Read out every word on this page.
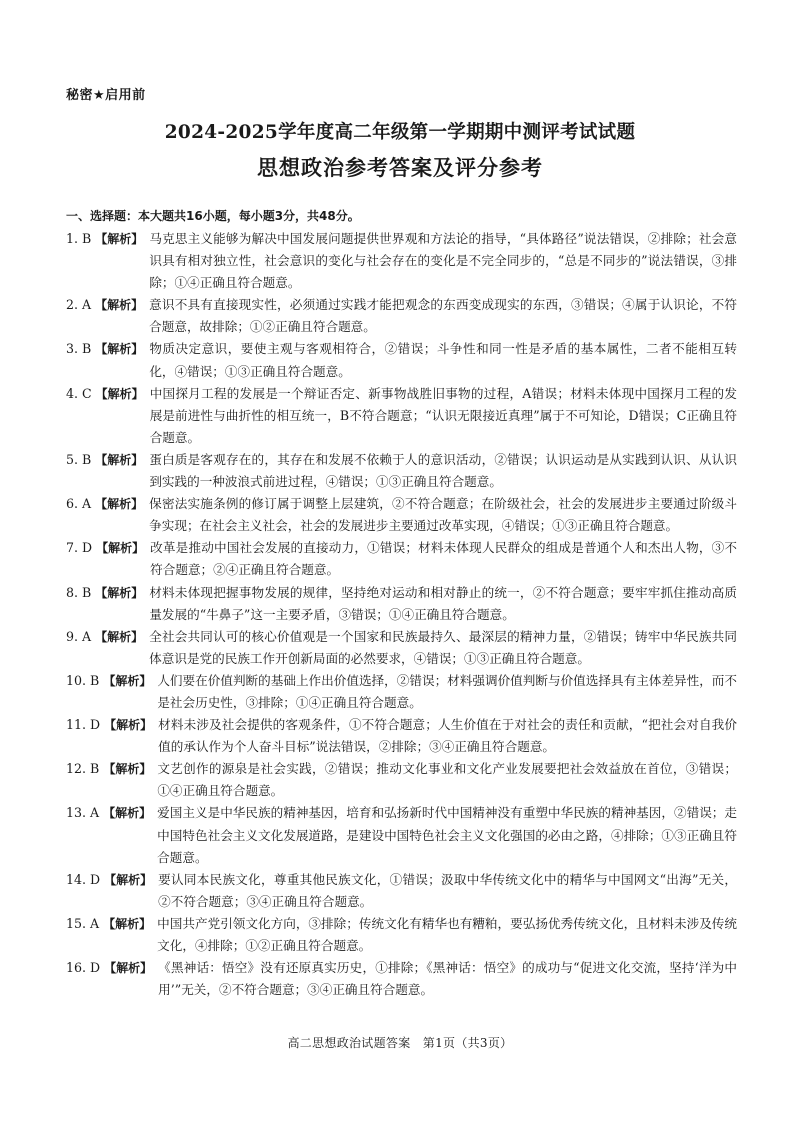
秘密★启用前
2024-2025学年度高二年级第一学期期中测评考试试题
思想政治参考答案及评分参考
一、选择题：本大题共16小题，每小题3分，共48分。
1. B 【解析】 马克思主义能够为解决中国发展问题提供世界观和方法论的指导，“具体路径”说法错误，②排除；社会意识具有相对独立性，社会意识的变化与社会存在的变化是不完全同步的，“总是不同步的”说法错误，③排除；①④正确且符合题意。
2. A 【解析】 意识不具有直接现实性，必须通过实践才能把观念的东西变成现实的东西，③错误；④属于认识论，不符合题意，故排除；①②正确且符合题意。
3. B 【解析】 物质决定意识，要使主观与客观相符合，②错误；斗争性和同一性是矛盾的基本属性，二者不能相互转化，④错误；①③正确且符合题意。
4. C 【解析】 中国探月工程的发展是一个辩证否定、新事物战胜旧事物的过程，A错误；材料未体现中国探月工程的发展是前进性与曲折性的相互统一，B不符合题意；“认识无限接近真理”属于不可知论，D错误；C正确且符合题意。
5. B 【解析】 蛋白质是客观存在的，其存在和发展不依赖于人的意识活动，②错误；认识运动是从实践到认识、从认识到实践的一种波浪式前进过程，④错误；①③正确且符合题意。
6. A 【解析】 保密法实施条例的修订属于调整上层建筑，②不符合题意；在阶级社会，社会的发展进步主要通过阶级斗争实现；在社会主义社会，社会的发展进步主要通过改革实现，④错误；①③正确且符合题意。
7. D 【解析】 改革是推动中国社会发展的直接动力，①错误；材料未体现人民群众的组成是普通个人和杰出人物，③不符合题意；②④正确且符合题意。
8. B 【解析】 材料未体现把握事物发展的规律，坚持绝对运动和相对静止的统一，②不符合题意；要牢牢抓住推动高质量发展的“牛鼻子”这一主要矛盾，③错误；①④正确且符合题意。
9. A 【解析】 全社会共同认可的核心价值观是一个国家和民族最持久、最深层的精神力量，②错误；铸牢中华民族共同体意识是党的民族工作开创新局面的必然要求，④错误；①③正确且符合题意。
10. B 【解析】 人们要在价值判断的基础上作出价值选择，②错误；材料强调价值判断与价值选择具有主体差异性，而不是社会历史性，③排除；①④正确且符合题意。
11. D 【解析】 材料未涉及社会提供的客观条件，①不符合题意；人生价值在于对社会的责任和贡献，“把社会对自我价值的承认作为个人奋斗目标”说法错误，②排除；③④正确且符合题意。
12. B 【解析】 文艺创作的源泉是社会实践，②错误；推动文化事业和文化产业发展要把社会效益放在首位，③错误；①④正确且符合题意。
13. A 【解析】 爱国主义是中华民族的精神基因，培育和弘扬新时代中国精神没有重塑中华民族的精神基因，②错误；走中国特色社会主义文化发展道路，是建设中国特色社会主义文化强国的必由之路，④排除；①③正确且符合题意。
14. D 【解析】 要认同本民族文化，尊重其他民族文化，①错误；汲取中华传统文化中的精华与中国网文“出海”无关，②不符合题意；③④正确且符合题意。
15. A 【解析】 中国共产党引领文化方向，③排除；传统文化有精华也有糟粕，要弘扬优秀传统文化，且材料未涉及传统文化，④排除；①②正确且符合题意。
16. D 【解析】 《黑神话：悟空》没有还原真实历史，①排除；《黑神话：悟空》的成功与“促进文化交流，坚持‘洋为中用’”无关，②不符合题意；③④正确且符合题意。
高二思想政治试题答案　第1页（共3页）
